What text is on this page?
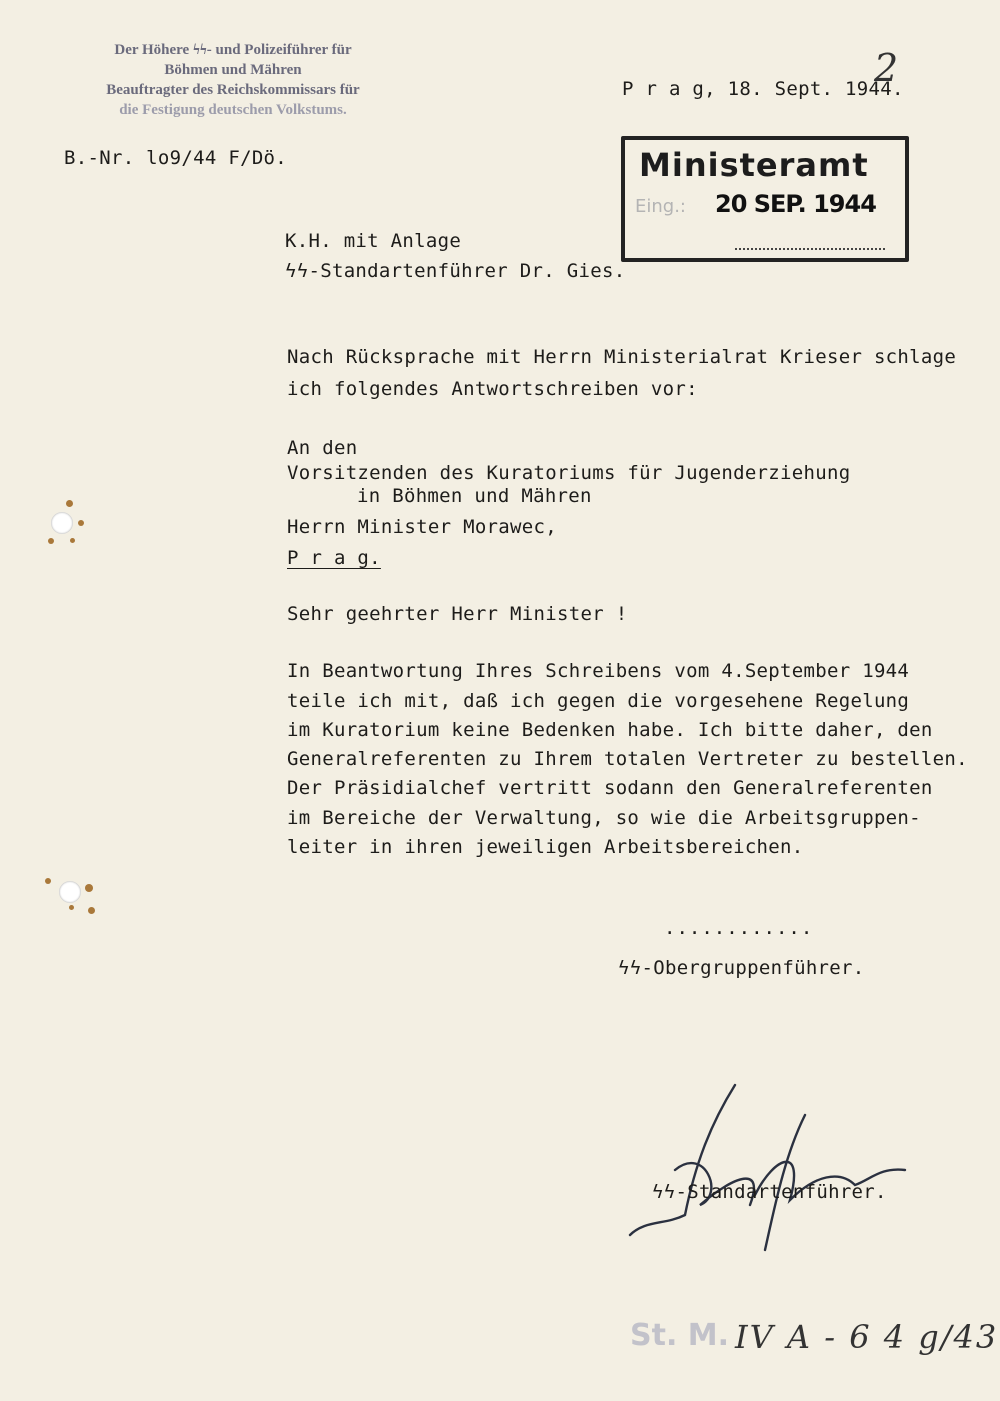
Der Höhere ϟϟ- und Polizeiführer für
Böhmen und Mähren
Beauftragter des Reichskommissars für
die Festigung deutschen Volkstums.
P r a g, 18. Sept. 1944.
2
B.-Nr. lo9/44 F/Dö.	Ministeramt
Eing.: 20 SEP. 1944
K.H. mit Anlage
ϟϟ-Standartenführer Dr. Gies.
Nach Rücksprache mit Herrn Ministerialrat Krieser schlage
ich folgendes Antwortschreiben vor:
An den
Vorsitzenden des Kuratoriums für Jugenderziehung
in Böhmen und Mähren
Herrn Minister Morawec,
P r a g.
Sehr geehrter Herr Minister !
In Beantwortung Ihres Schreibens vom 4.September 1944
teile ich mit, daß ich gegen die vorgesehene Regelung
im Kuratorium keine Bedenken habe. Ich bitte daher, den
Generalreferenten zu Ihrem totalen Vertreter zu bestellen.
Der Präsidialchef vertritt sodann den Generalreferenten
im Bereiche der Verwaltung, so wie die Arbeitsgruppen-
leiter in ihren jeweiligen Arbeitsbereichen.
............
ϟϟ-Obergruppenführer.
ϟϟ-Standartenführer.
St. M. IV A - 6 4 g/43
